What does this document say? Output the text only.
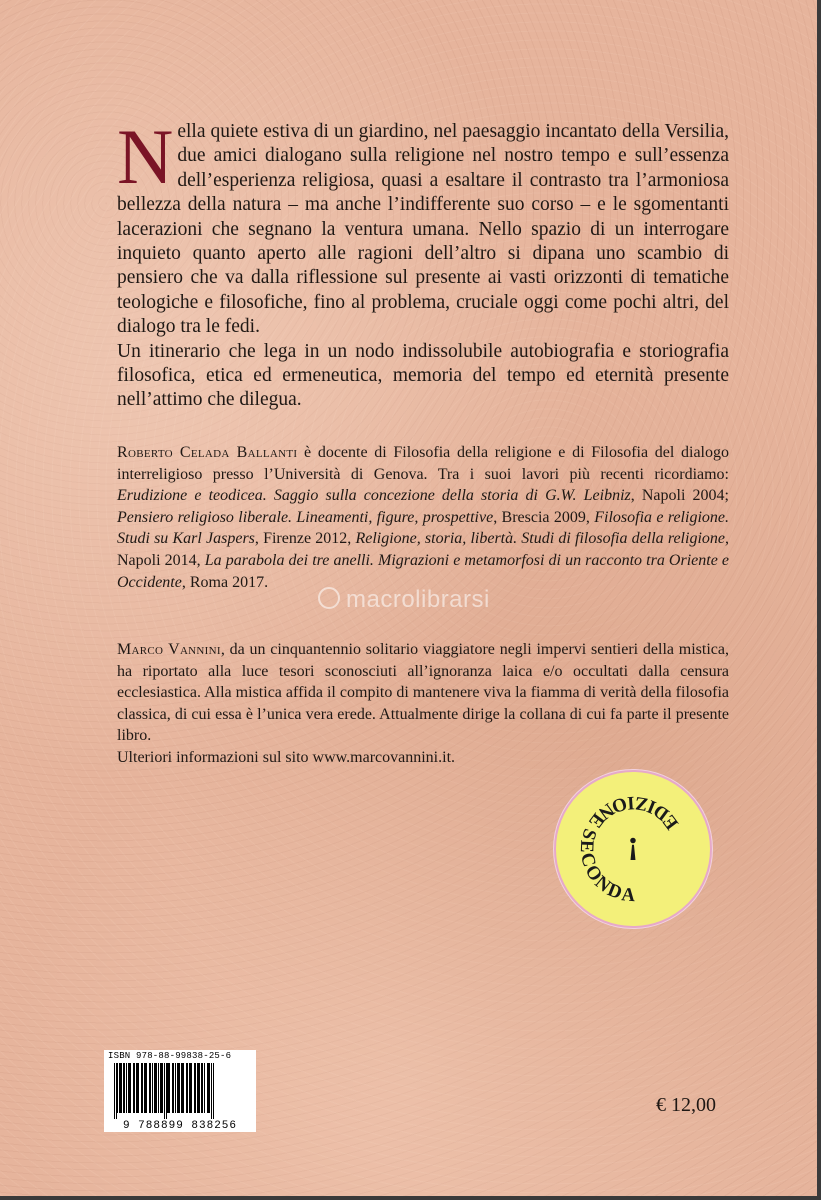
N ella quiete estiva di un giardino, nel paesaggio incantato della Versilia, due amici dialogano sulla religione nel nostro tempo e sull’essenza dell’esperienza religiosa, quasi a esaltare il contrasto tra l’armoniosa bellezza della natura – ma anche l’indifferente suo corso – e le sgomentanti lacerazioni che segnano la ventura umana. Nello spazio di un interrogare inquieto quanto aperto alle ragioni dell’altro si dipana uno scambio di pensiero che va dalla riflessione sul presente ai vasti orizzonti di tematiche teologiche e filosofiche, fino al problema, cruciale oggi come pochi altri, del dialogo tra le fedi.

Un itinerario che lega in un nodo indissolubile autobiografia e storiografia filosofica, etica ed ermeneutica, memoria del tempo ed eternità presente nell’attimo che dilegua.

Roberto Celada Ballanti è docente di Filosofia della religione e di Filosofia del dialogo interreligioso presso l’Università di Genova. Tra i suoi lavori più recenti ricordiamo: Erudizione e teodicea. Saggio sulla concezione della storia di G.W. Leibniz, Napoli 2004; Pensiero religioso liberale. Lineamenti, figure, prospettive, Brescia 2009, Filosofia e religione. Studi su Karl Jaspers, Firenze 2012, Religione, storia, libertà. Studi di filosofia della religione, Napoli 2014, La parabola dei tre anelli. Migrazioni e metamorfosi di un racconto tra Oriente e Occidente, Roma 2017.

macrolibrarsi

Marco Vannini, da un cinquantennio solitario viaggiatore negli impervi sentieri della mistica, ha riportato alla luce tesori sconosciuti all’ignoranza laica e/o occultati dalla censura ecclesiastica. Alla mistica affida il compito di mantenere viva la fiamma di verità della filosofia classica, di cui essa è l’unica vera erede. Attualmente dirige la collana di cui fa parte il presente libro.

Ulteriori informazioni sul sito www.marcovannini.it.

EDIZIONE
SECONDA
!
ISBN 978-88-99838-25-6
9 788899 838256
€ 12,00
